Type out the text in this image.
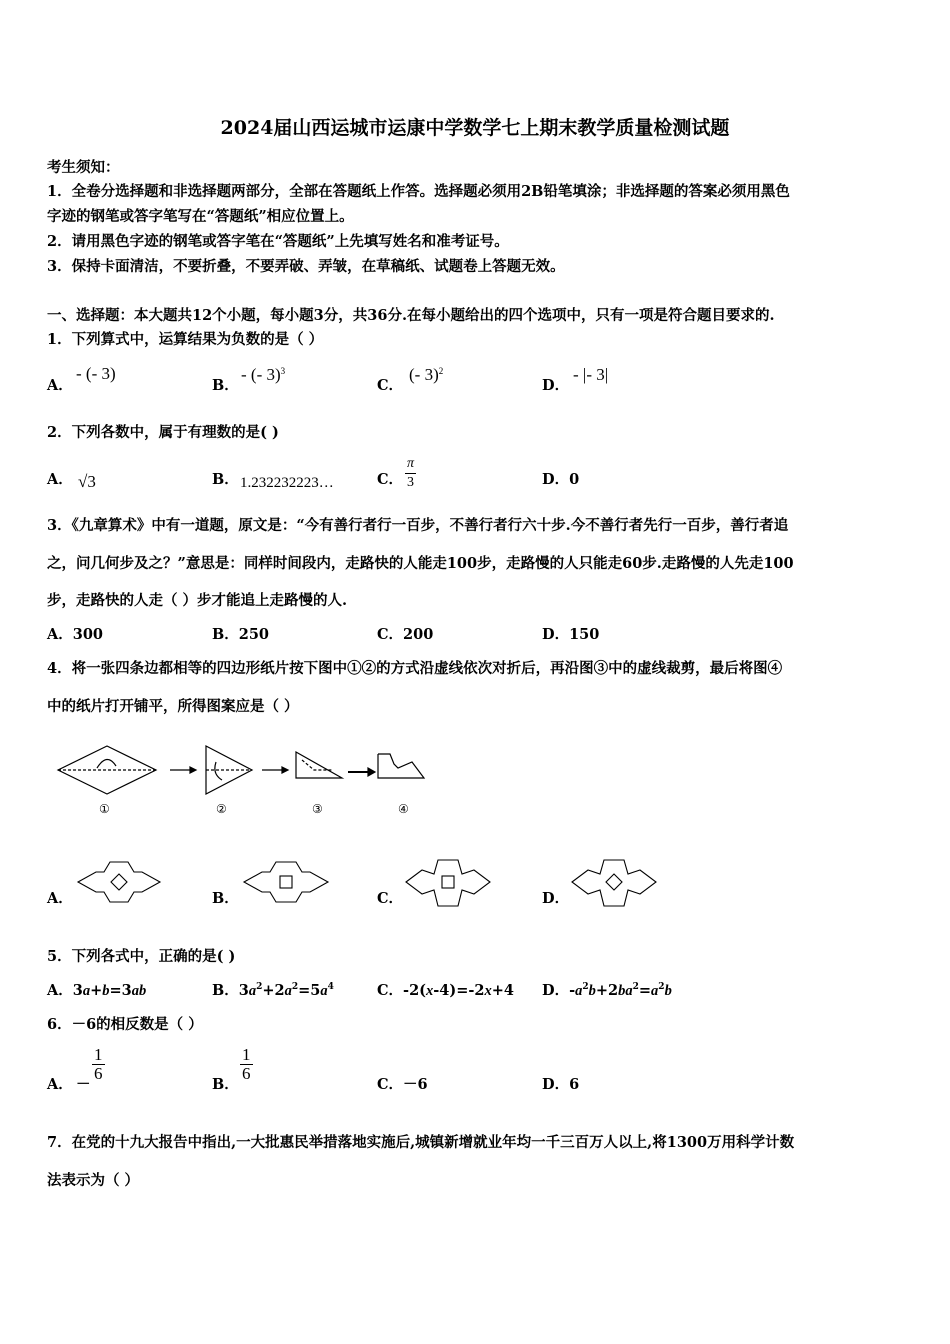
2024届山西运城市运康中学数学七上期末教学质量检测试题
考生须知：
1．全卷分选择题和非选择题两部分，全部在答题纸上作答。选择题必须用2B铅笔填涂；非选择题的答案必须用黑色
字迹的钢笔或答字笔写在“答题纸”相应位置上。
2．请用黑色字迹的钢笔或答字笔在“答题纸”上先填写姓名和准考证号。
3．保持卡面清洁，不要折叠，不要弄破、弄皱，在草稿纸、试题卷上答题无效。
一、选择题：本大题共12个小题，每小题3分，共36分.在每小题给出的四个选项中，只有一项是符合题目要求的.
1．下列算式中，运算结果为负数的是（ ）
A．
- (- 3)
B．
- (- 3)$^3$
C．
(- 3)$^2$
D．
- |- 3|
2．下列各数中，属于有理数的是( )
A． √3	B． 1.232232223…	C． $\frac{\pi}{3}$	D．0
3．《九章算术》中有一道题，原文是：“今有善行者行一百步，不善行者行六十步.今不善行者先行一百步，善行者追
之，问几何步及之？”意思是：同样时间段内，走路快的人能走100步，走路慢的人只能走60步.走路慢的人先走100
步，走路快的人走（ ）步才能追上走路慢的人.
A．300	B．250	C．200	D．150
4．将一张四条边都相等的四边形纸片按下图中①②的方式沿虚线依次对折后，再沿图③中的虚线裁剪，最后将图④
中的纸片打开铺平，所得图案应是（ ）
①	②	③	④
A．	B．	C．	D．
5．下列各式中，正确的是( )
A．3a+b=3ab	B．$3a^2+2a^2=5a^4$	C．-2(x-4)=-2x+4 D．$-a^2b+2ba^2=a^2b$
6．－6的相反数是（ ）
A． －
$\frac{1}{6}$
B．
$\frac{1}{6}$
C．－6	D．6
7．在党的十九大报告中指出,一大批惠民举措落地实施后,城镇新增就业年均一千三百万人以上,将1300万用科学计数
法表示为（ ）
